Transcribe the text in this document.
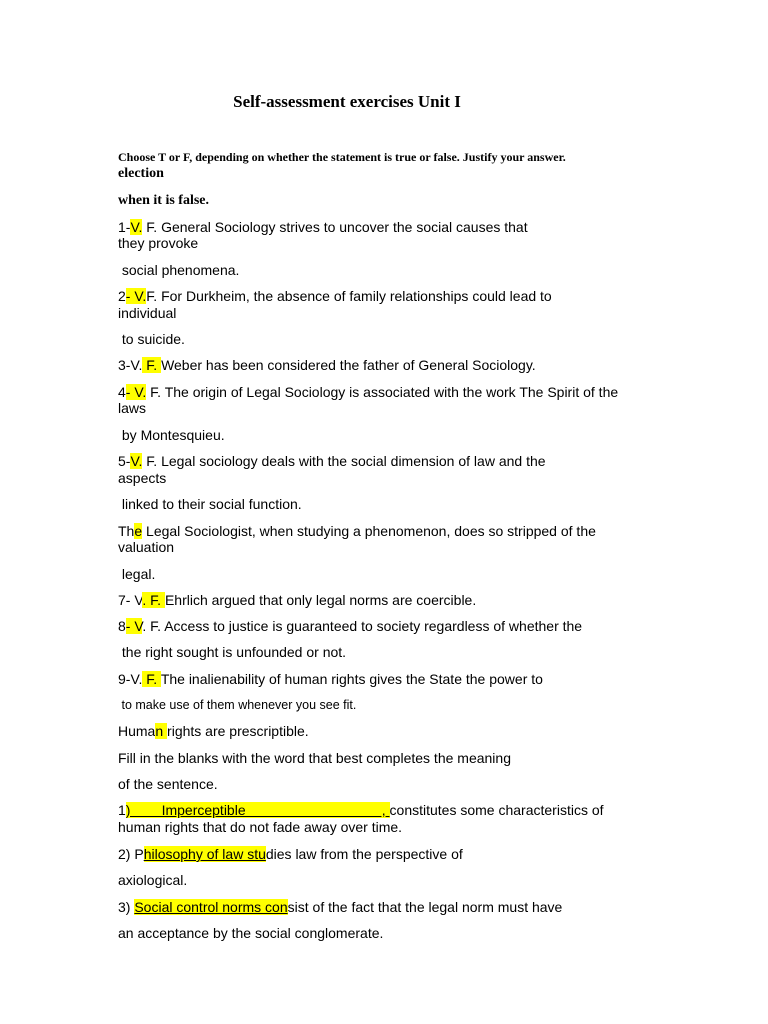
Self-assessment exercises Unit I
Choose T or F, depending on whether the statement is true or false. Justify your answer.
election
when it is false.
1-V. F. General Sociology strives to uncover the social causes that
they provoke
social phenomena.
2- V.F. For Durkheim, the absence of family relationships could lead to
individual
to suicide.
3-V. F. Weber has been considered the father of General Sociology.
4- V. F. The origin of Legal Sociology is associated with the work The Spirit of the
laws
by Montesquieu.
5-V. F. Legal sociology deals with the social dimension of law and the
aspects
linked to their social function.
The Legal Sociologist, when studying a phenomenon, does so stripped of the
valuation
legal.
7- V. F. Ehrlich argued that only legal norms are coercible.
8- V. F. Access to justice is guaranteed to society regardless of whether the
the right sought is unfounded or not.
9-V. F. The inalienability of human rights gives the State the power to
to make use of them whenever you see fit.
Human rights are prescriptible.
Fill in the blanks with the word that best completes the meaning
of the sentence.
1)        Imperceptible                                   , constitutes some characteristics of
human rights that do not fade away over time.
2) Philosophy of law studies law from the perspective of
axiological.
3) Social control norms consist of the fact that the legal norm must have
an acceptance by the social conglomerate.
